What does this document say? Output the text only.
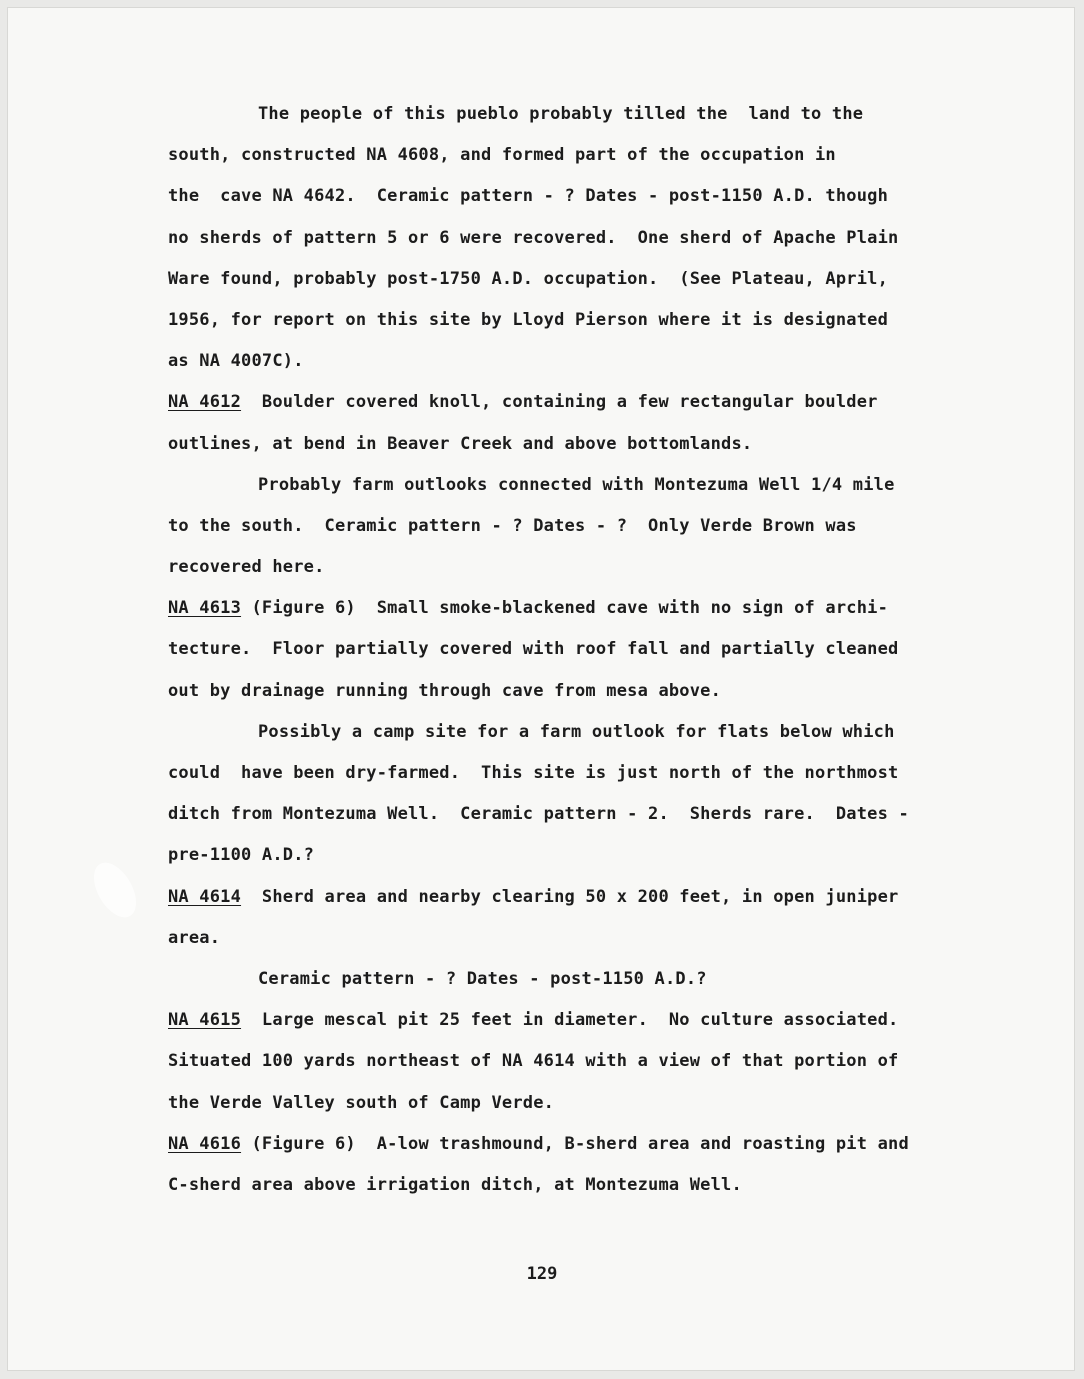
The people of this pueblo probably tilled the  land to the
south, constructed NA 4608, and formed part of the occupation in
the  cave NA 4642.  Ceramic pattern - ? Dates - post-1150 A.D. though
no sherds of pattern 5 or 6 were recovered.  One sherd of Apache Plain
Ware found, probably post-1750 A.D. occupation.  (See Plateau, April,
1956, for report on this site by Lloyd Pierson where it is designated
as NA 4007C).
NA 4612  Boulder covered knoll, containing a few rectangular boulder
outlines, at bend in Beaver Creek and above bottomlands.
Probably farm outlooks connected with Montezuma Well 1/4 mile
to the south.  Ceramic pattern - ? Dates - ?  Only Verde Brown was
recovered here.
NA 4613 (Figure 6)  Small smoke-blackened cave with no sign of archi-
tecture.  Floor partially covered with roof fall and partially cleaned
out by drainage running through cave from mesa above.
Possibly a camp site for a farm outlook for flats below which
could  have been dry-farmed.  This site is just north of the northmost
ditch from Montezuma Well.  Ceramic pattern - 2.  Sherds rare.  Dates -
pre-1100 A.D.?
NA 4614  Sherd area and nearby clearing 50 x 200 feet, in open juniper
area.
Ceramic pattern - ? Dates - post-1150 A.D.?
NA 4615  Large mescal pit 25 feet in diameter.  No culture associated.
Situated 100 yards northeast of NA 4614 with a view of that portion of
the Verde Valley south of Camp Verde.
NA 4616 (Figure 6)  A-low trashmound, B-sherd area and roasting pit and
C-sherd area above irrigation ditch, at Montezuma Well.
129
